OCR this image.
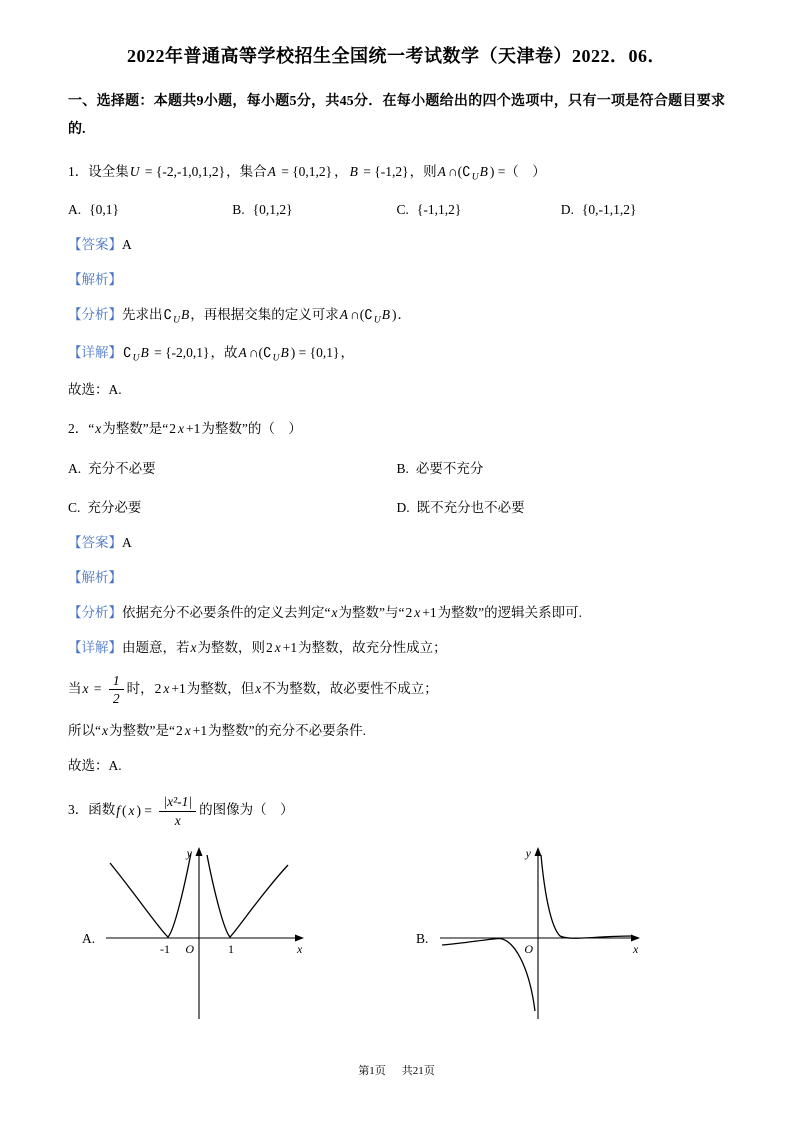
2022年普通高等学校招生全国统一考试数学（天津卷）2022．06．

一、选择题：本题共9小题，每小题5分，共45分．在每小题给出的四个选项中，只有一项是符合题目要求的.

1．设全集U = {-2,-1,0,1,2}，集合A = {0,1,2} ， B = {-1,2}，则A $\cap(∁_UB$ ) =（　）

A. {0,1}	B. {0,1,2}	C. {-1,1,2}	D. {0,-1,1,2}

【答案】A

【解析】

【分析】先求出$∁_UB$，再根据交集的定义可求A $\cap(∁_UB$ )．

【详解】$∁_UB = \{-2,0,1\}$，故A $\cap(∁_UB$ ) = {0,1}，

故选：A.

2．“x为整数”是“2 x +1为整数”的（　）

A. 充分不必要	B. 必要不充分
C. 充分必要	D. 既不充分也不必要

【答案】A

【解析】

【分析】依据充分不必要条件的定义去判定“x为整数”与“2 x +1为整数”的逻辑关系即可.

【详解】由题意，若x为整数，则2 x +1为整数，故充分性成立；

当$x = \frac{1}{2}$ 时，2 x +1为整数，但x不为整数，故必要性不成立；

所以“x为整数”是“2 x +1为整数”的充分不必要条件.

故选：A.

3．函数f ( x ) = $\frac{\text{|x²-1|}}{x}$ 的图像为（　）

A.
y
x
O
-1	1
B.
y
x
O
第1页 共21页
